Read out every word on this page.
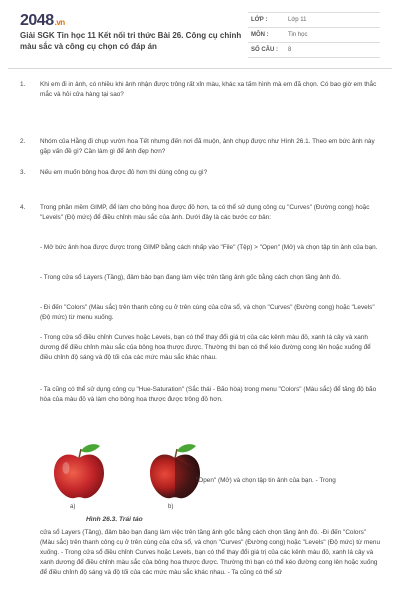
2048.vn
Giải SGK Tin học 11 Kết nối tri thức Bài 26. Công cụ chỉnh màu sắc và công cụ chọn có đáp án
LỚP :	Lớp 11
MÔN :	Tin học
SỐ CÂU :	8
1.	Khi em đi in ảnh, có nhiều khi ảnh nhận được trông rất xỉn màu, khác xa tấm hình mà em đã chọn. Có bao giờ em thắc mắc và hỏi cửa hàng tại sao?
2.	Nhóm của Hằng đi chụp vườn hoa Tết nhưng đến nơi đã muộn, ảnh chụp được như Hình 26.1. Theo em bức ảnh này gặp vấn đề gì? Cần làm gì để ảnh đẹp hơn?
3.	Nếu em muốn bông hoa được đỏ hơn thì dùng công cụ gì?
4.	Trong phần mềm GIMP, để làm cho bông hoa được đỏ hơn, ta có thể sử dụng công cụ "Curves" (Đường cong) hoặc "Levels" (Độ mức) để điều chỉnh màu sắc của ảnh. Dưới đây là các bước cơ bản:
- Mở bức ảnh hoa được được trong GIMP bằng cách nhấp vào "File" (Tệp) > "Open" (Mở) và chọn tập tin ảnh của bạn.
- Trong cửa sổ Layers (Tầng), đảm bảo bạn đang làm việc trên tầng ảnh gốc bằng cách chọn tầng ảnh đó.
- Đi đến "Colors" (Màu sắc) trên thanh công cụ ở trên cùng của cửa sổ, và chọn "Curves" (Đường cong) hoặc "Levels" (Độ mức) từ menu xuống.
- Trong cửa sổ điều chỉnh Curves hoặc Levels, bạn có thể thay đổi giá trị của các kênh màu đỏ, xanh lá cây và xanh dương để điều chỉnh màu sắc của bông hoa thược được. Thường thì bạn có thể kéo đường cong lên hoặc xuống để điều chỉnh độ sáng và độ tối của các mức màu sắc khác nhau.
- Ta cũng có thể sử dụng công cụ "Hue-Saturation" (Sắc thái - Bão hòa) trong menu "Colors" (Màu sắc) để tăng độ bão hòa của màu đỏ và làm cho bông hoa thược được trông đỏ hơn.
a)	b)
"Open" (Mở) và chọn tập tin ảnh của bạn. - Trong
Hình 26.3. Trái táo
cửa sổ Layers (Tầng), đảm bảo bạn đang làm việc trên tầng ảnh gốc bằng cách chọn tầng ảnh đó. -Đi đến "Colors" (Màu sắc) trên thanh công cụ ở trên cùng của cửa sổ, và chọn "Curves" (Đường cong) hoặc "Levels" (Độ mức) từ menu xuống. - Trong cửa sổ điều chỉnh Curves hoặc Levels, bạn có thể thay đổi giá trị của các kênh màu đỏ, xanh lá cây và xanh dương để điều chỉnh màu sắc của bông hoa thược được. Thường thì bạn có thể kéo đường cong lên hoặc xuống để điều chỉnh độ sáng và độ tối của các mức màu sắc khác nhau. - Ta cũng có thể sử
